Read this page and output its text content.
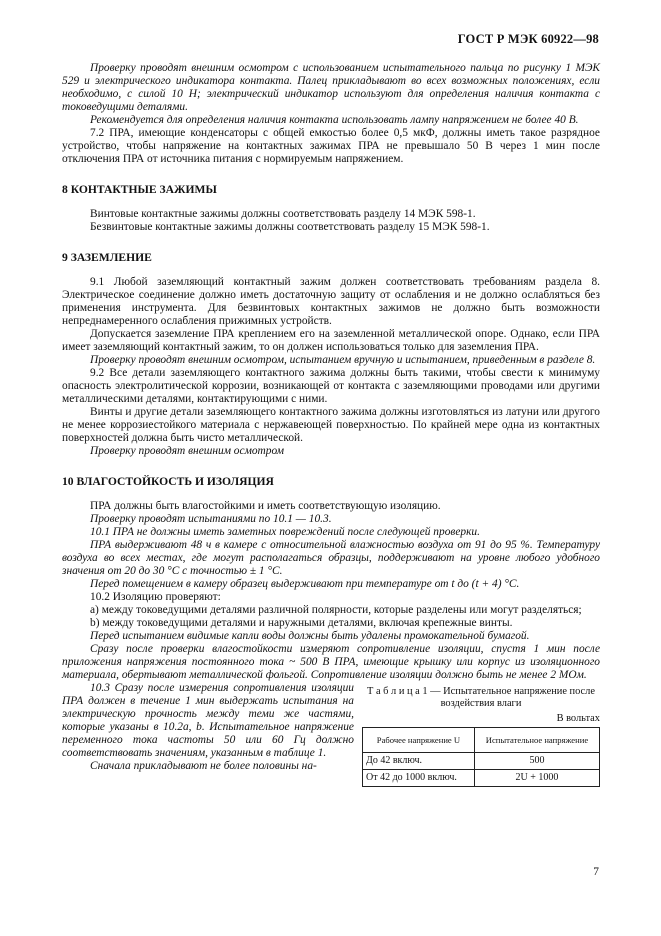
ГОСТ Р МЭК 60922—98

Проверку проводят внешним осмотром с использованием испытательного пальца по рисунку 1 МЭК 529 и электрического индикатора контакта. Палец прикладывают во всех возможных положениях, если необходимо, с силой 10 Н; электрический индикатор используют для определения наличия контакта с токоведущими деталями.

Рекомендуется для определения наличия контакта использовать лампу напряжением не более 40 В.

7.2 ПРА, имеющие конденсаторы с общей емкостью более 0,5 мкФ, должны иметь такое разрядное устройство, чтобы напряжение на контактных зажимах ПРА не превышало 50 В через 1 мин после отключения ПРА от источника питания с нормируемым напряжением.

8 КОНТАКТНЫЕ ЗАЖИМЫ

Винтовые контактные зажимы должны соответствовать разделу 14 МЭК 598-1.

Безвинтовые контактные зажимы должны соответствовать разделу 15 МЭК 598-1.

9 ЗАЗЕМЛЕНИЕ

9.1 Любой заземляющий контактный зажим должен соответствовать требованиям раздела 8. Электрическое соединение должно иметь достаточную защиту от ослабления и не должно ослабляться без применения инструмента. Для безвинтовых контактных зажимов не должно быть возможности непреднамеренного ослабления прижимных устройств.

Допускается заземление ПРА креплением его на заземленной металлической опоре. Однако, если ПРА имеет заземляющий контактный зажим, то он должен использоваться только для заземления ПРА.

Проверку проводят внешним осмотром, испытанием вручную и испытанием, приведенным в разделе 8.

9.2 Все детали заземляющего контактного зажима должны быть такими, чтобы свести к минимуму опасность электролитической коррозии, возникающей от контакта с заземляющими проводами или другими металлическими деталями, контактирующими с ними.

Винты и другие детали заземляющего контактного зажима должны изготовляться из латуни или другого не менее коррозиестойкого материала с нержавеющей поверхностью. По крайней мере одна из контактных поверхностей должна быть чисто металлической.

Проверку проводят внешним осмотром

10 ВЛАГОСТОЙКОСТЬ И ИЗОЛЯЦИЯ

ПРА должны быть влагостойкими и иметь соответствующую изоляцию.

Проверку проводят испытаниями по 10.1 — 10.3.

10.1 ПРА не должны иметь заметных повреждений после следующей проверки.

ПРА выдерживают 48 ч в камере с относительной влажностью воздуха от 91 до 95 %. Температуру воздуха во всех местах, где могут располагаться образцы, поддерживают на уровне любого удобного значения от 20 до 30 °С с точностью ± 1 °С.

Перед помещением в камеру образец выдерживают при температуре от t до (t + 4) °С.

10.2 Изоляцию проверяют:

а) между токоведущими деталями различной полярности, которые разделены или могут разделяться;

b) между токоведущими деталями и наружными деталями, включая крепежные винты.

Перед испытанием видимые капли воды должны быть удалены промокательной бумагой.

Сразу после проверки влагостойкости измеряют сопротивление изоляции, спустя 1 мин после приложения напряжения постоянного тока ~ 500 В ПРА, имеющие крышку или корпус из изоляционного материала, обертывают металлической фольгой. Сопротивление изоляции должно быть не менее 2 МОм.

10.3 Сразу после измерения сопротивления изоляции ПРА должен в течение 1 мин выдержать испытания на электрическую прочность между теми же частями, которые указаны в 10.2а, b. Испытательное напряжение переменного тока частоты 50 или 60 Гц должно соответствовать значениям, указанным в таблице 1.

Сначала прикладывают не более половины на-

Т а б л и ц а 1 — Испытательное напряжение после воздействия влаги
В вольтах
Рабочее напряжение U	Испытательное напряжение
До 42 включ.	500
От 42 до 1000 включ.	2U + 1000
7
